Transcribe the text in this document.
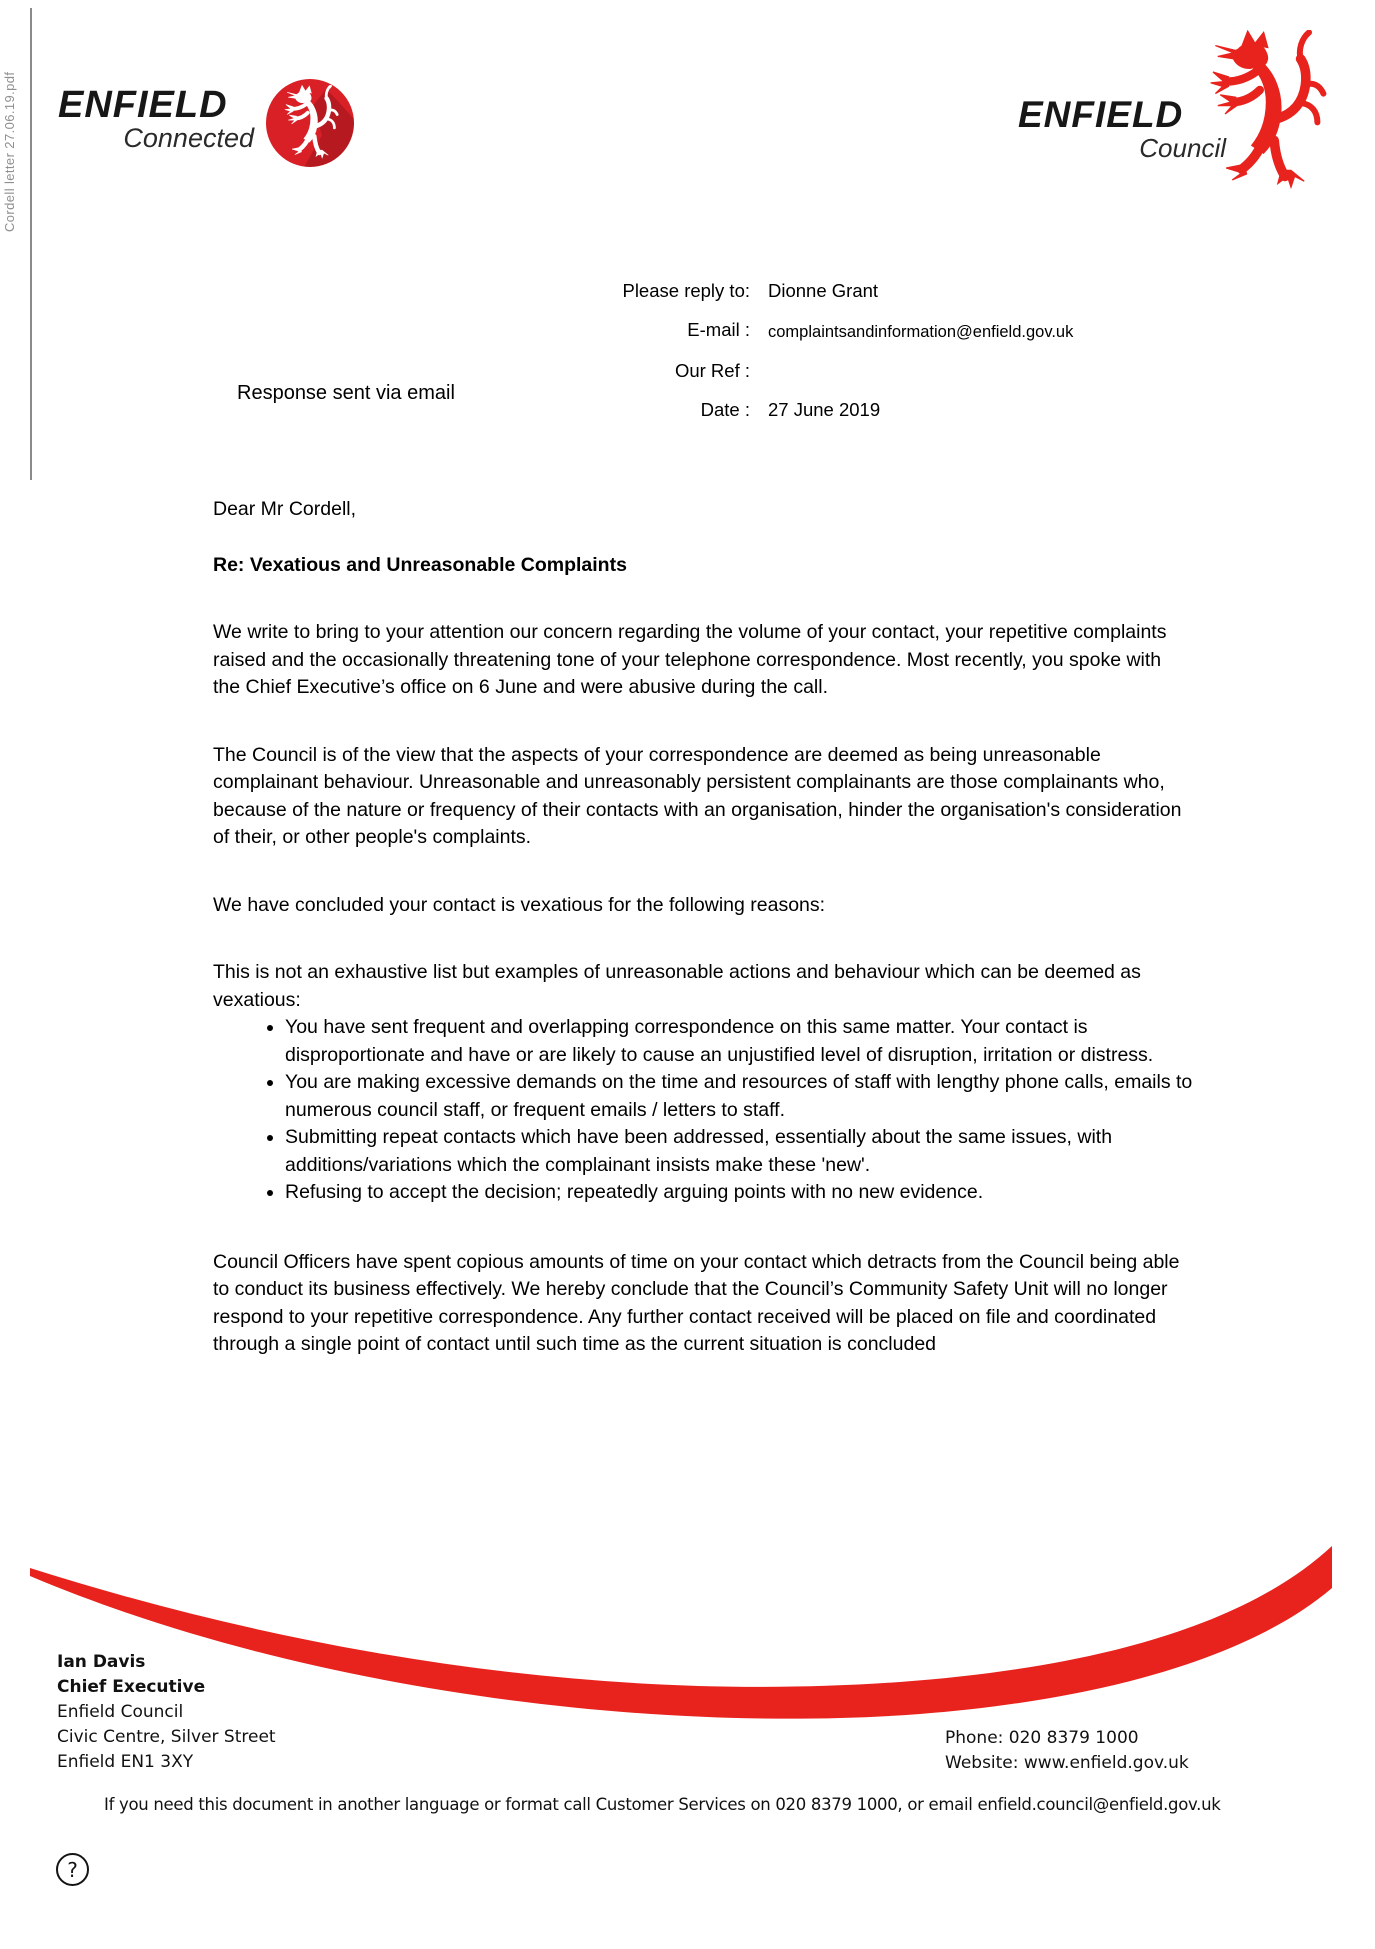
Cordell letter 27.06.19.pdf ENFIELD
Connected
ENFIELD
Council
Please reply to: Dionne Grant
E-mail : complaintsandinformation@enfield.gov.uk
Our Ref :
Date : 27 June 2019
Response sent via email

Dear Mr Cordell,

Re: Vexatious and Unreasonable Complaints

We write to bring to your attention our concern regarding the volume of your contact, your repetitive complaints raised and the occasionally threatening tone of your telephone correspondence. Most recently, you spoke with the Chief Executive’s office on 6 June and were abusive during the call.

The Council is of the view that the aspects of your correspondence are deemed as being unreasonable complainant behaviour. Unreasonable and unreasonably persistent complainants are those complainants who, because of the nature or frequency of their contacts with an organisation, hinder the organisation's consideration of their, or other people's complaints.

We have concluded your contact is vexatious for the following reasons:

This is not an exhaustive list but examples of unreasonable actions and behaviour which can be deemed as vexatious:

• You have sent frequent and overlapping correspondence on this same matter. Your contact is disproportionate and have or are likely to cause an unjustified level of disruption, irritation or distress.
• You are making excessive demands on the time and resources of staff with lengthy phone calls, emails to numerous council staff, or frequent emails / letters to staff.
• Submitting repeat contacts which have been addressed, essentially about the same issues, with additions/variations which the complainant insists make these 'new'.
• Refusing to accept the decision; repeatedly arguing points with no new evidence.

Council Officers have spent copious amounts of time on your contact which detracts from the Council being able to conduct its business effectively. We hereby conclude that the Council’s Community Safety Unit will no longer respond to your repetitive correspondence. Any further contact received will be placed on file and coordinated through a single point of contact until such time as the current situation is concluded

Ian Davis
Chief Executive
Enfield Council
Civic Centre, Silver Street
Enfield EN1 3XY
Phone: 020 8379 1000
Website: www.enfield.gov.uk
If you need this document in another language or format call Customer Services on 020 8379 1000, or email enfield.council@enfield.gov.uk
?
